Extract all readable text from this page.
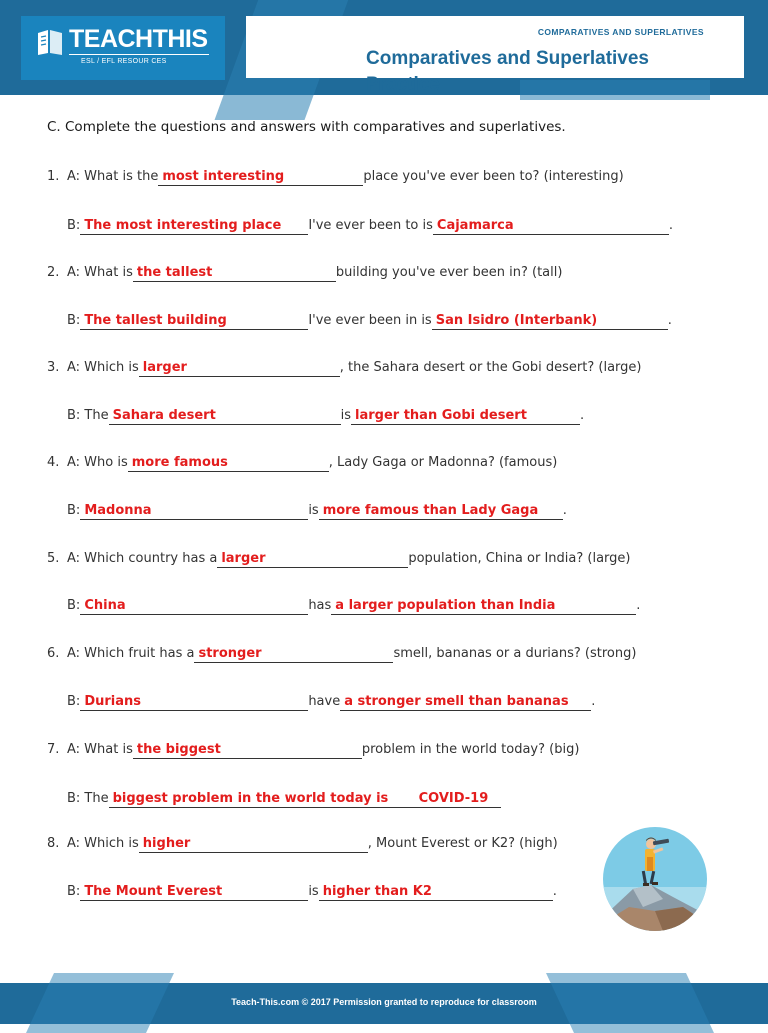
TEACHTHIS
ESL / EFL RESOUR CES
COMPARATIVES AND SUPERLATIVES
Comparatives and Superlatives Practice
C. Complete the questions and answers with comparatives and superlatives.
1. A: What is the most interesting	place you've ever been to? (interesting)
B: The most interesting place	I've ever been to is Cajamarca	.
2. A: What is the tallest	building you've ever been in? (tall)
B: The tallest building	I've ever been in is San Isidro (Interbank)	.
3. A: Which is larger	, the Sahara desert or the Gobi desert? (large)
B: The Sahara desert	is larger than Gobi desert	.
4. A: Who is more famous	, Lady Gaga or Madonna? (famous)
B: Madonna	is more famous than Lady Gaga	.
5. A: Which country has a larger	population, China or India? (large)
B: China	has a larger population than India	.
6. A: Which fruit has a stronger	smell, bananas or a durians? (strong)
B: Durians	have a stronger smell than bananas	.
7. A: What is the biggest	problem in the world today? (big)
B: The biggest problem in the world today is	COVID-19
8. A: Which is higher	, Mount Everest or K2? (high)
B: The Mount Everest	is higher than K2	.
Teach-This.com © 2017 Permission granted to reproduce for classroom
